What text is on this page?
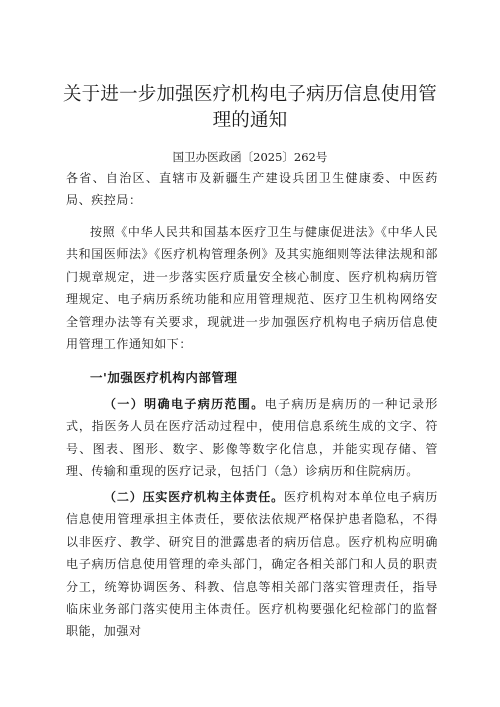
关于进一步加强医疗机构电子病历信息使用管理的通知
国卫办医政函〔2025〕262号
各省、自治区、直辖市及新疆生产建设兵团卫生健康委、中医药局、疾控局：
按照《中华人民共和国基本医疗卫生与健康促进法》《中华人民共和国医师法》《医疗机构管理条例》及其实施细则等法律法规和部门规章规定，进一步落实医疗质量安全核心制度、医疗机构病历管理规定、电子病历系统功能和应用管理规范、医疗卫生机构网络安全管理办法等有关要求，现就进一步加强医疗机构电子病历信息使用管理工作通知如下：
一'加强医疗机构内部管理
（一）明确电子病历范围。电子病历是病历的一种记录形式，指医务人员在医疗活动过程中，使用信息系统生成的文字、符号、图表、图形、数字、影像等数字化信息，并能实现存储、管理、传输和重现的医疗记录，包括门（急）诊病历和住院病历。
（二）压实医疗机构主体责任。医疗机构对本单位电子病历信息使用管理承担主体责任，要依法依规严格保护患者隐私，不得以非医疗、教学、研究目的泄露患者的病历信息。医疗机构应明确电子病历信息使用管理的牵头部门，确定各相关部门和人员的职责分工，统筹协调医务、科教、信息等相关部门落实管理责任，指导临床业务部门落实使用主体责任。医疗机构要强化纪检部门的监督职能，加强对
